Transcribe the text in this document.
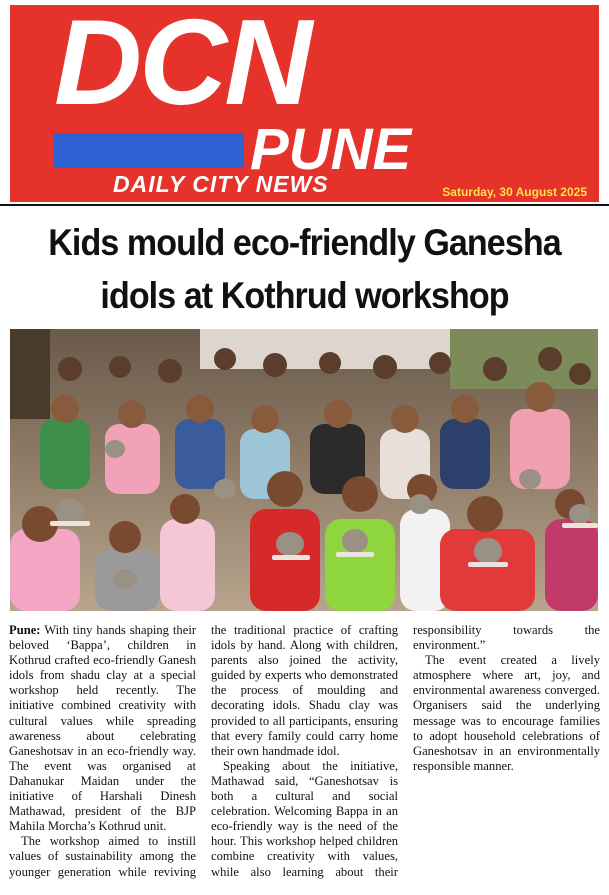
DCN
PUNE
DAILY CITY NEWS	Saturday, 30 August 2025
Kids mould eco-friendly Ganesha
idols at Kothrud workshop

Pune: With tiny hands shaping their beloved ‘Bappa’, children in Kothrud crafted eco-friendly Ganesh idols from shadu clay at a special workshop held recently. The initiative combined creativity with cultural values while spreading awareness about celebrating Ganeshotsav in an eco-friendly way. The event was organised at Dahanukar Maidan under the initiative of Harshali Dinesh Mathawad, president of the BJP Mahila Morcha’s Kothrud unit.

The workshop aimed to instill values of sustainability among the younger generation while reviving the traditional practice of crafting idols by hand. Along with children, parents also joined the activity, guided by experts who demonstrated the process of moulding and decorating idols. Shadu clay was provided to all participants, ensuring that every family could carry home their own handmade idol.

Speaking about the initiative, Mathawad said, “Ganeshotsav is both a cultural and social celebration. Welcoming Bappa in an eco-friendly way is the need of the hour. This workshop helped children combine creativity with values, while also learning about their responsibility towards the environment.”

The event created a lively atmosphere where art, joy, and environmental awareness converged. Organisers said the underlying message was to encourage families to adopt household celebrations of Ganeshotsav in an environmentally responsible manner.
